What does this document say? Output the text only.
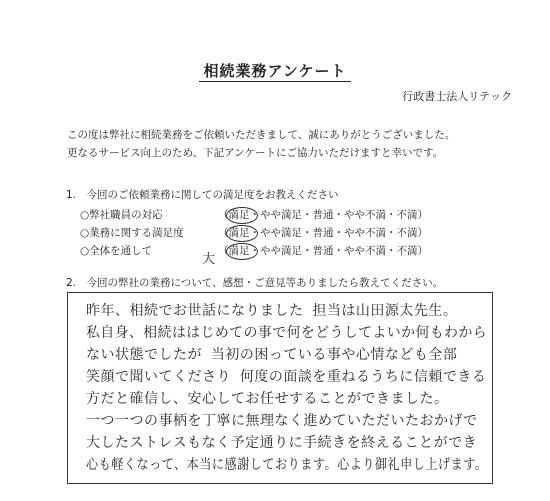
相続業務アンケート
行政書士法人リテック
この度は弊社に相続業務をご依頼いただきまして、誠にありがとうございました。
更なるサービス向上のため、下記アンケートにご協力いただけますと幸いです。
1.　今回のご依頼業務に関しての満足度をお教えください
○弊社職員の対応	（満足・やや満足・普通・やや不満・不満）
○業務に関する満足度	（満足・やや満足・普通・やや不満・不満）
○全体を通して	（満足・やや満足・普通・やや不満・不満）
大
2.　今回の弊社の業務について、感想・ご意見等ありましたら教えてください。
昨年、相続でお世話になりました 担当は山田源太先生。
私自身、相続ははじめての事で何をどうしてよいか何もわから
ない状態でしたが 当初の困っている事や心情なども全部
笑顔で聞いてくださり 何度の面談を重ねるうちに信頼できる
方だと確信し、安心してお任せすることができました。
一つ一つの事柄を丁寧に無理なく進めていただいたおかげで
大したストレスもなく予定通りに手続きを終えることができ
心も軽くなって、本当に感謝しております。心より御礼申し上げます。
